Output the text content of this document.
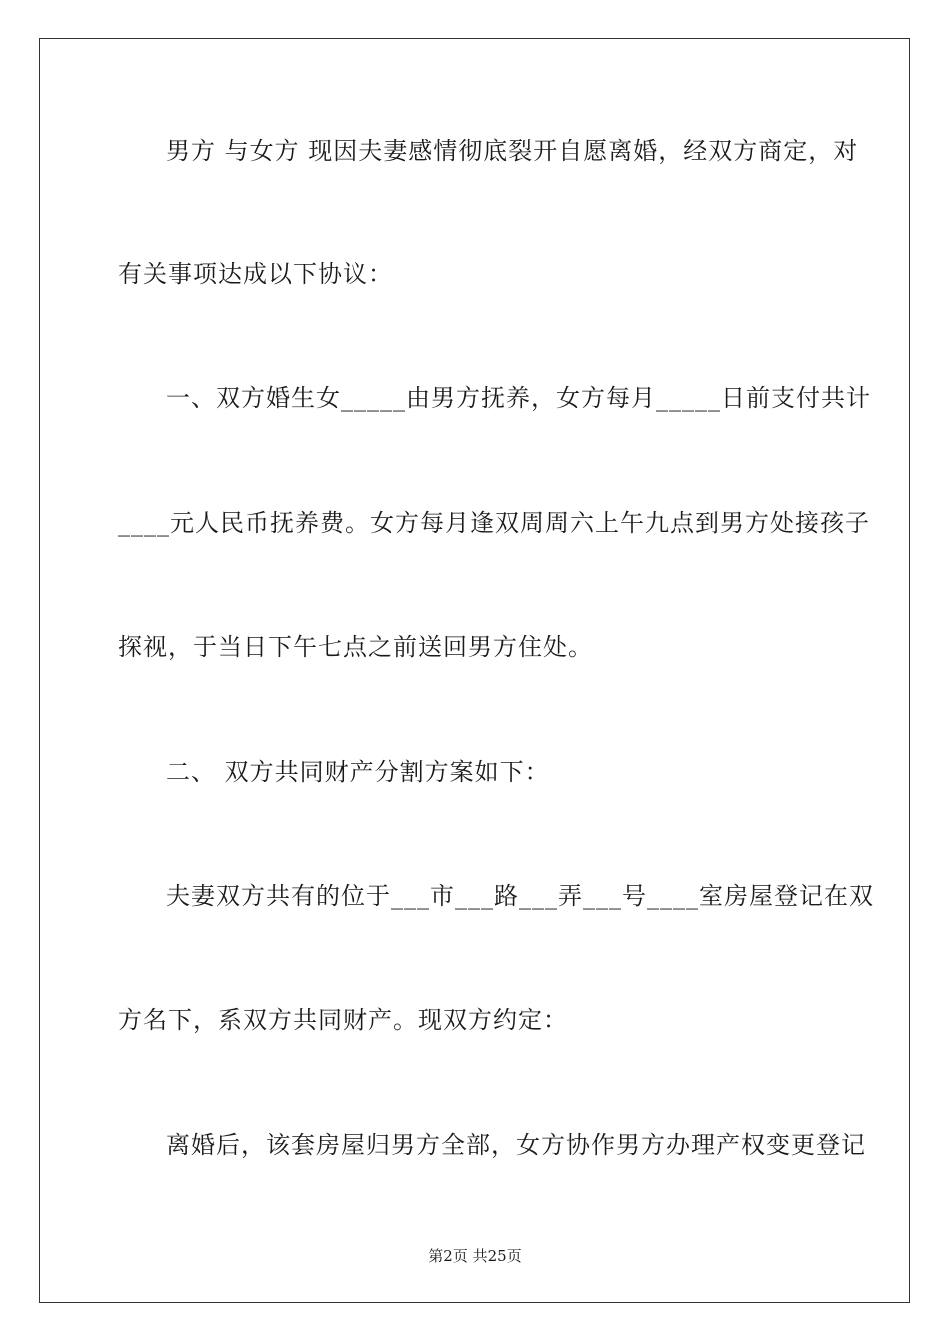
男方 与女方 现因夫妻感情彻底裂开自愿离婚，经双方商定，对
有关事项达成以下协议：
一、双方婚生女_____由男方抚养，女方每月_____日前支付共计
____元人民币抚养费。女方每月逢双周周六上午九点到男方处接孩子
探视，于当日下午七点之前送回男方住处。
二、 双方共同财产分割方案如下：
夫妻双方共有的位于___市___路___弄___号____室房屋登记在双
方名下，系双方共同财产。现双方约定：
离婚后，该套房屋归男方全部，女方协作男方办理产权变更登记
第2页 共25页
